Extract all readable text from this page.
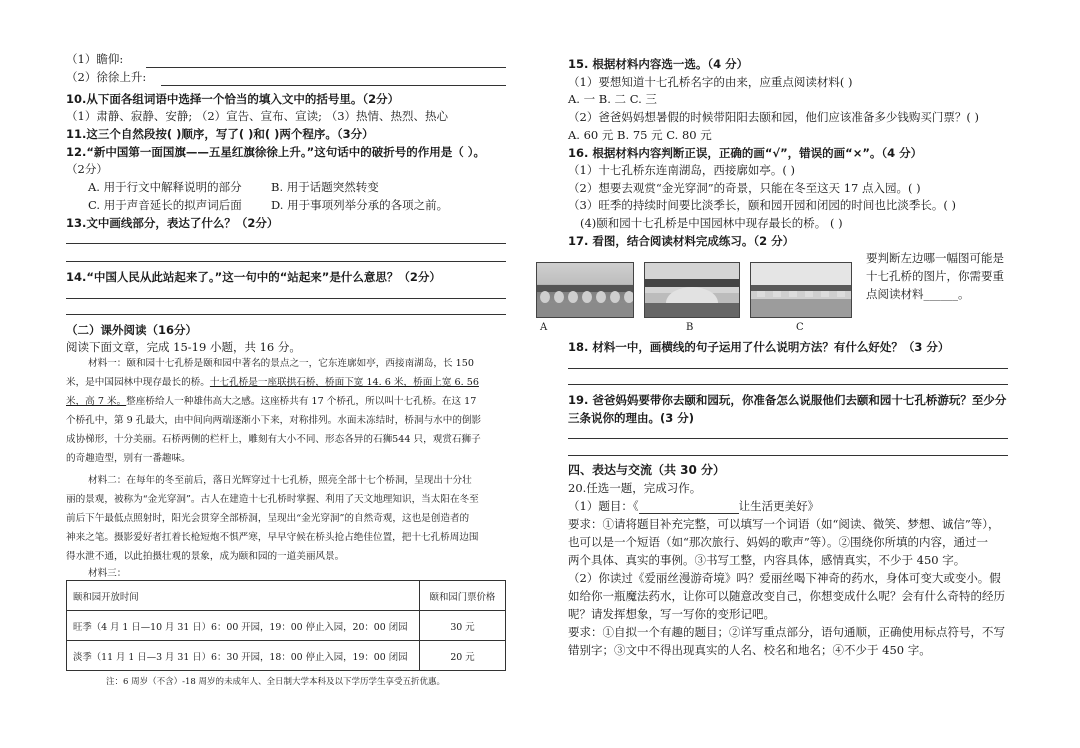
（1）瞻仰:
（2）徐徐上升:
10.从下面各组词语中选择一个恰当的填入文中的括号里。（2分）
（1）肃静、寂静、安静; （2）宣告、宣布、宣读; （3）热情、热烈、热心
11.这三个自然段按( )顺序，写了( )和( )两个程序。（3分）
12.“新中国第一面国旗——五星红旗徐徐上升。”这句话中的破折号的作用是（ ）。
（2分）
A. 用于行文中解释说明的部分	B. 用于话题突然转变
C. 用于声音延长的拟声词后面	D. 用于事项列举分承的各项之前。
13.文中画线部分，表达了什么？（2分）
14.“中国人民从此站起来了。”这一句中的“站起来”是什么意思？（2分）
（二）课外阅读（16分）
阅读下面文章，完成 15-19 小题，共 16 分。
材料一：颐和园十七孔桥是颐和园中著名的景点之一，它东连廓如亭，西接南湖岛，长 150
米，是中国园林中现存最长的桥。十七孔桥是一座联拱石桥，桥面下宽 14. 6 米，桥面上宽 6. 56
米，高 7 米。整座桥给人一种雄伟高大之感。这座桥共有 17 个桥孔，所以叫十七孔桥。在这 17
个桥孔中，第 9 孔最大，由中间向两端逐渐小下来，对称排列。水面未冻结时，桥洞与水中的倒影
成协梯形，十分美丽。石桥两侧的栏杆上，雕刻有大小不同、形态各异的石狮544 只，观赏石狮子
的奇趣造型，别有一番趣味。
材料二：在每年的冬至前后，落日光辉穿过十七孔桥，照亮全部十七个桥洞，呈现出十分壮
丽的景观，被称为“金光穿洞”。古人在建造十七孔桥时掌握、利用了天文地理知识，当太阳在冬至
前后下午最低点照射时，阳光会贯穿全部桥洞，呈现出“金光穿洞”的自然奇观，这也是创造者的
神来之笔。摄影爱好者扛着长枪短炮不惧严寒，早早守候在桥头抢占绝佳位置，把十七孔桥周边围
得水泄不通，以此拍摄壮观的景象，成为颐和园的一道美丽风景。
材料三：
颐和园开放时间	颐和园门票价格
旺季（4 月 1 日—10 月 31 日）6：00 开园，19：00 停止入园，20：00 闭园	30 元
淡季（11 月 1 日—3 月 31 日）6：30 开园，18：00 停止入园，19：00 闭园	20 元
注：6 周岁（不含）-18 周岁的未成年人、全日制大学本科及以下学历学生享受五折优惠。
15. 根据材料内容选一选。（4 分）
（1）要想知道十七孔桥名字的由来，应重点阅读材料( )
A. 一 B. 二 C. 三
（2）爸爸妈妈想暑假的时候带阳阳去颐和园，他们应该准备多少钱购买门票？( )
A. 60 元 B. 75 元 C. 80 元
16. 根据材料内容判断正误，正确的画“√”，错误的画“×”。（4 分）
（1）十七孔桥东连南湖岛，西接廓如亭。( )
（2）想要去观赏“金光穿洞”的奇景，只能在冬至这天 17 点入园。( )
（3）旺季的持续时间要比淡季长，颐和园开园和闭园的时间也比淡季长。( )
(4)颐和园十七孔桥是中国园林中现存最长的桥。 ( )
17. 看图，结合阅读材料完成练习。（2 分）
A	B	C
要判断左边哪一幅图可能是
十七孔桥的图片，你需要重
点阅读材料______。
18. 材料一中，画横线的句子运用了什么说明方法？有什么好处？（3 分）
19. 爸爸妈妈要带你去颐和园玩，你准备怎么说服他们去颐和园十七孔桥游玩？至少分
三条说你的理由。(3 分)
四、表达与交流（共 30 分）
20.任选一题，完成习作。
（1）题目：《	让生活更美好》
要求：①请将题目补充完整，可以填写一个词语（如“阅读、微笑、梦想、诚信”等），
也可以是一个短语（如“那次旅行、妈妈的歌声”等）。②围绕你所填的内容，通过一
两个具体、真实的事例。③书写工整，内容具体，感情真实，不少于 450 字。
（2）你读过《爱丽丝漫游奇境》吗？爱丽丝喝下神奇的药水，身体可变大或变小。假
如给你一瓶魔法药水，让你可以随意改变自己，你想变成什么呢？会有什么奇特的经历
呢？请发挥想象，写一写你的变形记吧。
要求：①自拟一个有趣的题目；②详写重点部分，语句通顺，正确使用标点符号，不写
错别字；③文中不得出现真实的人名、校名和地名；④不少于 450 字。
